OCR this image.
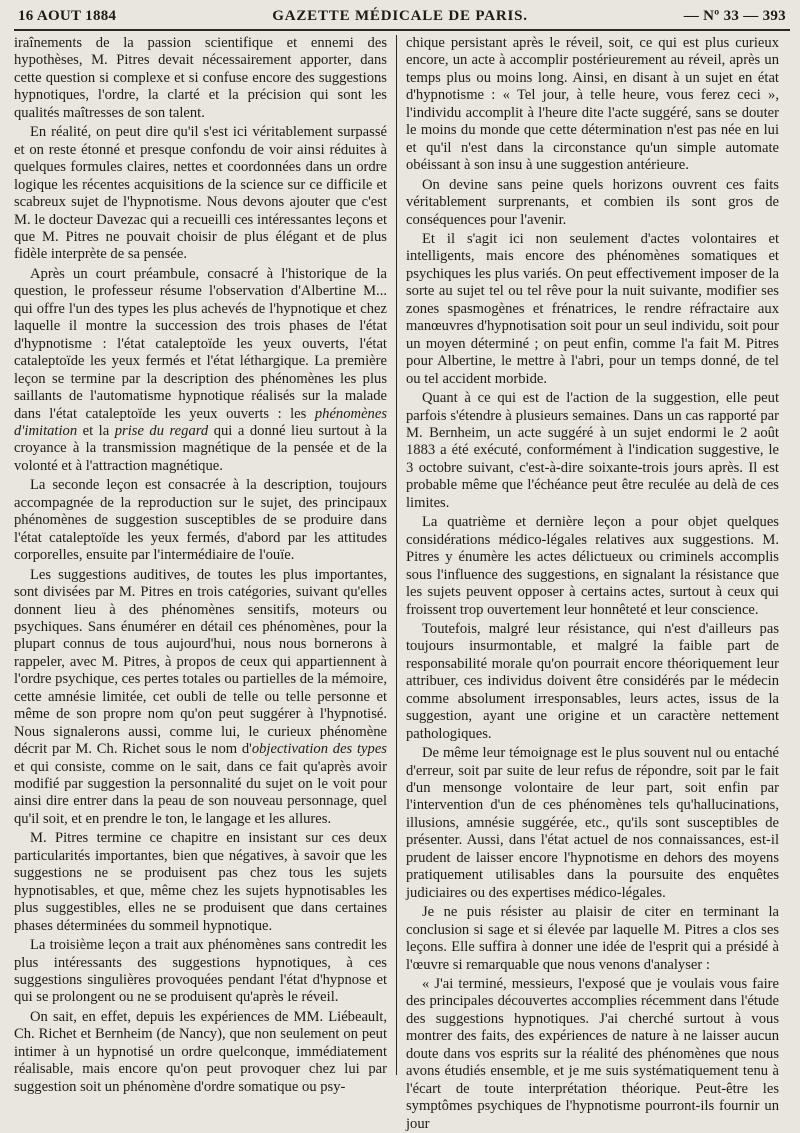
16 AOUT 1884	GAZETTE MÉDICALE DE PARIS.	— Nº 33 — 393

iraînements de la passion scientifique et ennemi des hypothèses, M. Pitres devait nécessairement apporter, dans cette question si complexe et si confuse encore des suggestions hypnotiques, l'ordre, la clarté et la précision qui sont les qualités maîtresses de son talent.

En réalité, on peut dire qu'il s'est ici véritablement surpassé et on reste étonné et presque confondu de voir ainsi réduites à quelques formules claires, nettes et coordonnées dans un ordre logique les récentes acquisitions de la science sur ce difficile et scabreux sujet de l'hypnotisme. Nous devons ajouter que c'est M. le docteur Davezac qui a recueilli ces intéressantes leçons et que M. Pitres ne pouvait choisir de plus élégant et de plus fidèle interprète de sa pensée.

Après un court préambule, consacré à l'historique de la question, le professeur résume l'observation d'Albertine M... qui offre l'un des types les plus achevés de l'hypnotique et chez laquelle il montre la succession des trois phases de l'état d'hypnotisme : l'état cataleptoïde les yeux ouverts, l'état cataleptoïde les yeux fermés et l'état léthargique. La première leçon se termine par la description des phénomènes les plus saillants de l'automatisme hypnotique réalisés sur la malade dans l'état cataleptoïde les yeux ouverts : les phénomènes d'imitation et la prise du regard qui a donné lieu surtout à la croyance à la transmission magnétique de la pensée et de la volonté et à l'attraction magnétique.

La seconde leçon est consacrée à la description, toujours accompagnée de la reproduction sur le sujet, des principaux phénomènes de suggestion susceptibles de se produire dans l'état cataleptoïde les yeux fermés, d'abord par les attitudes corporelles, ensuite par l'intermédiaire de l'ouïe.

Les suggestions auditives, de toutes les plus importantes, sont divisées par M. Pitres en trois catégories, suivant qu'elles donnent lieu à des phénomènes sensitifs, moteurs ou psychiques. Sans énumérer en détail ces phénomènes, pour la plupart connus de tous aujourd'hui, nous nous bornerons à rappeler, avec M. Pitres, à propos de ceux qui appartiennent à l'ordre psychique, ces pertes totales ou partielles de la mémoire, cette amnésie limitée, cet oubli de telle ou telle personne et même de son propre nom qu'on peut suggérer à l'hypnotisé. Nous signalerons aussi, comme lui, le curieux phénomène décrit par M. Ch. Richet sous le nom d'objectivation des types et qui consiste, comme on le sait, dans ce fait qu'après avoir modifié par suggestion la personnalité du sujet on le voit pour ainsi dire entrer dans la peau de son nouveau personnage, quel qu'il soit, et en prendre le ton, le langage et les allures.

M. Pitres termine ce chapitre en insistant sur ces deux particularités importantes, bien que négatives, à savoir que les suggestions ne se produisent pas chez tous les sujets hypnotisables, et que, même chez les sujets hypnotisables les plus suggestibles, elles ne se produisent que dans certaines phases déterminées du sommeil hypnotique.

La troisième leçon a trait aux phénomènes sans contredit les plus intéressants des suggestions hypnotiques, à ces suggestions singulières provoquées pendant l'état d'hypnose et qui se prolongent ou ne se produisent qu'après le réveil.

On sait, en effet, depuis les expériences de MM. Liébeault, Ch. Richet et Bernheim (de Nancy), que non seulement on peut intimer à un hypnotisé un ordre quelconque, immédiatement réalisable, mais encore qu'on peut provoquer chez lui par suggestion soit un phénomène d'ordre somatique ou psy-

chique persistant après le réveil, soit, ce qui est plus curieux encore, un acte à accomplir postérieurement au réveil, après un temps plus ou moins long. Ainsi, en disant à un sujet en état d'hypnotisme : « Tel jour, à telle heure, vous ferez ceci », l'individu accomplit à l'heure dite l'acte suggéré, sans se douter le moins du monde que cette détermination n'est pas née en lui et qu'il n'est dans la circonstance qu'un simple automate obéissant à son insu à une suggestion antérieure.

On devine sans peine quels horizons ouvrent ces faits véritablement surprenants, et combien ils sont gros de conséquences pour l'avenir.

Et il s'agit ici non seulement d'actes volontaires et intelligents, mais encore des phénomènes somatiques et psychiques les plus variés. On peut effectivement imposer de la sorte au sujet tel ou tel rêve pour la nuit suivante, modifier ses zones spasmogènes et frénatrices, le rendre réfractaire aux manœuvres d'hypnotisation soit pour un seul individu, soit pour un moyen déterminé ; on peut enfin, comme l'a fait M. Pitres pour Albertine, le mettre à l'abri, pour un temps donné, de tel ou tel accident morbide.

Quant à ce qui est de l'action de la suggestion, elle peut parfois s'étendre à plusieurs semaines. Dans un cas rapporté par M. Bernheim, un acte suggéré à un sujet endormi le 2 août 1883 a été exécuté, conformément à l'indication suggestive, le 3 octobre suivant, c'est-à-dire soixante-trois jours après. Il est probable même que l'échéance peut être reculée au delà de ces limites.

La quatrième et dernière leçon a pour objet quelques considérations médico-légales relatives aux suggestions. M. Pitres y énumère les actes délictueux ou criminels accomplis sous l'influence des suggestions, en signalant la résistance que les sujets peuvent opposer à certains actes, surtout à ceux qui froissent trop ouvertement leur honnêteté et leur conscience.

Toutefois, malgré leur résistance, qui n'est d'ailleurs pas toujours insurmontable, et malgré la faible part de responsabilité morale qu'on pourrait encore théoriquement leur attribuer, ces individus doivent être considérés par le médecin comme absolument irresponsables, leurs actes, issus de la suggestion, ayant une origine et un caractère nettement pathologiques.

De même leur témoignage est le plus souvent nul ou entaché d'erreur, soit par suite de leur refus de répondre, soit par le fait d'un mensonge volontaire de leur part, soit enfin par l'intervention d'un de ces phénomènes tels qu'hallucinations, illusions, amnésie suggérée, etc., qu'ils sont susceptibles de présenter. Aussi, dans l'état actuel de nos connaissances, est-il prudent de laisser encore l'hypnotisme en dehors des moyens pratiquement utilisables dans la poursuite des enquêtes judiciaires ou des expertises médico-légales.

Je ne puis résister au plaisir de citer en terminant la conclusion si sage et si élevée par laquelle M. Pitres a clos ses leçons. Elle suffira à donner une idée de l'esprit qui a présidé à l'œuvre si remarquable que nous venons d'analyser :

« J'ai terminé, messieurs, l'exposé que je voulais vous faire des principales découvertes accomplies récemment dans l'étude des suggestions hypnotiques. J'ai cherché surtout à vous montrer des faits, des expériences de nature à ne laisser aucun doute dans vos esprits sur la réalité des phénomènes que nous avons étudiés ensemble, et je me suis systématiquement tenu à l'écart de toute interprétation théorique. Peut-être les symptômes psychiques de l'hypnotisme pourront-ils fournir un jour
